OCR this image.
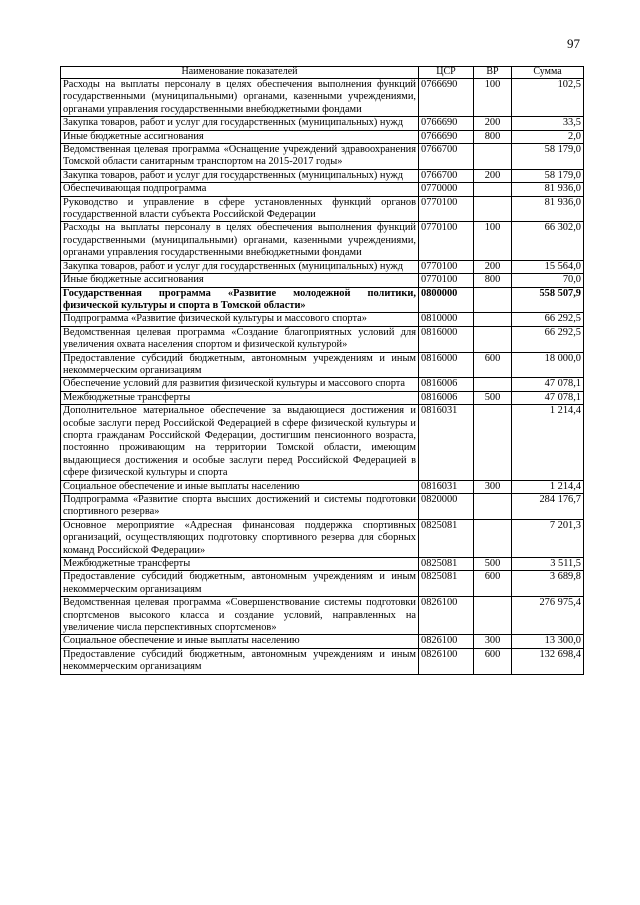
97
Наименование показателей	ЦСР	ВР	Сумма
Расходы на выплаты персоналу в целях обеспечения выполнения функций государственными (муниципальными) органами, казенными учреждениями, органами управления государственными внебюджетными фондами	0766690	100	102,5
Закупка товаров, работ и услуг для государственных (муниципальных) нужд	0766690	200	33,5
Иные бюджетные ассигнования	0766690	800	2,0
Ведомственная целевая программа «Оснащение учреждений здравоохранения Томской области санитарным транспортом на 2015-2017 годы»	0766700		58 179,0
Закупка товаров, работ и услуг для государственных (муниципальных) нужд	0766700	200	58 179,0
Обеспечивающая подпрограмма	0770000		81 936,0
Руководство и управление в сфере установленных функций органов государственной власти субъекта Российской Федерации	0770100		81 936,0
Расходы на выплаты персоналу в целях обеспечения выполнения функций государственными (муниципальными) органами, казенными учреждениями, органами управления государственными внебюджетными фондами	0770100	100	66 302,0
Закупка товаров, работ и услуг для государственных (муниципальных) нужд	0770100	200	15 564,0
Иные бюджетные ассигнования	0770100	800	70,0
Государственная программа «Развитие молодежной политики, физической культуры и спорта в Томской области»	0800000		558 507,9
Подпрограмма «Развитие физической культуры и массового спорта»	0810000		66 292,5
Ведомственная целевая программа «Создание благоприятных условий для увеличения охвата населения спортом и физической культурой»	0816000		66 292,5
Предоставление субсидий бюджетным, автономным учреждениям и иным некоммерческим организациям	0816000	600	18 000,0
Обеспечение условий для развития физической культуры и массового спорта	0816006		47 078,1
Межбюджетные трансферты	0816006	500	47 078,1
Дополнительное материальное обеспечение за выдающиеся достижения и особые заслуги перед Российской Федерацией в сфере физической культуры и спорта гражданам Российской Федерации, достигшим пенсионного возраста, постоянно проживающим на территории Томской области, имеющим выдающиеся достижения и особые заслуги перед Российской Федерацией в сфере физической культуры и спорта	0816031		1 214,4
Социальное обеспечение и иные выплаты населению	0816031	300	1 214,4
Подпрограмма «Развитие спорта высших достижений и системы подготовки спортивного резерва»	0820000		284 176,7
Основное мероприятие «Адресная финансовая поддержка спортивных организаций, осуществляющих подготовку спортивного резерва для сборных команд Российской Федерации»	0825081		7 201,3
Межбюджетные трансферты	0825081	500	3 511,5
Предоставление субсидий бюджетным, автономным учреждениям и иным некоммерческим организациям	0825081	600	3 689,8
Ведомственная целевая программа «Совершенствование системы подготовки спортсменов высокого класса и создание условий, направленных на увеличение числа перспективных спортсменов»	0826100		276 975,4
Социальное обеспечение и иные выплаты населению	0826100	300	13 300,0
Предоставление субсидий бюджетным, автономным учреждениям и иным некоммерческим организациям	0826100	600	132 698,4
